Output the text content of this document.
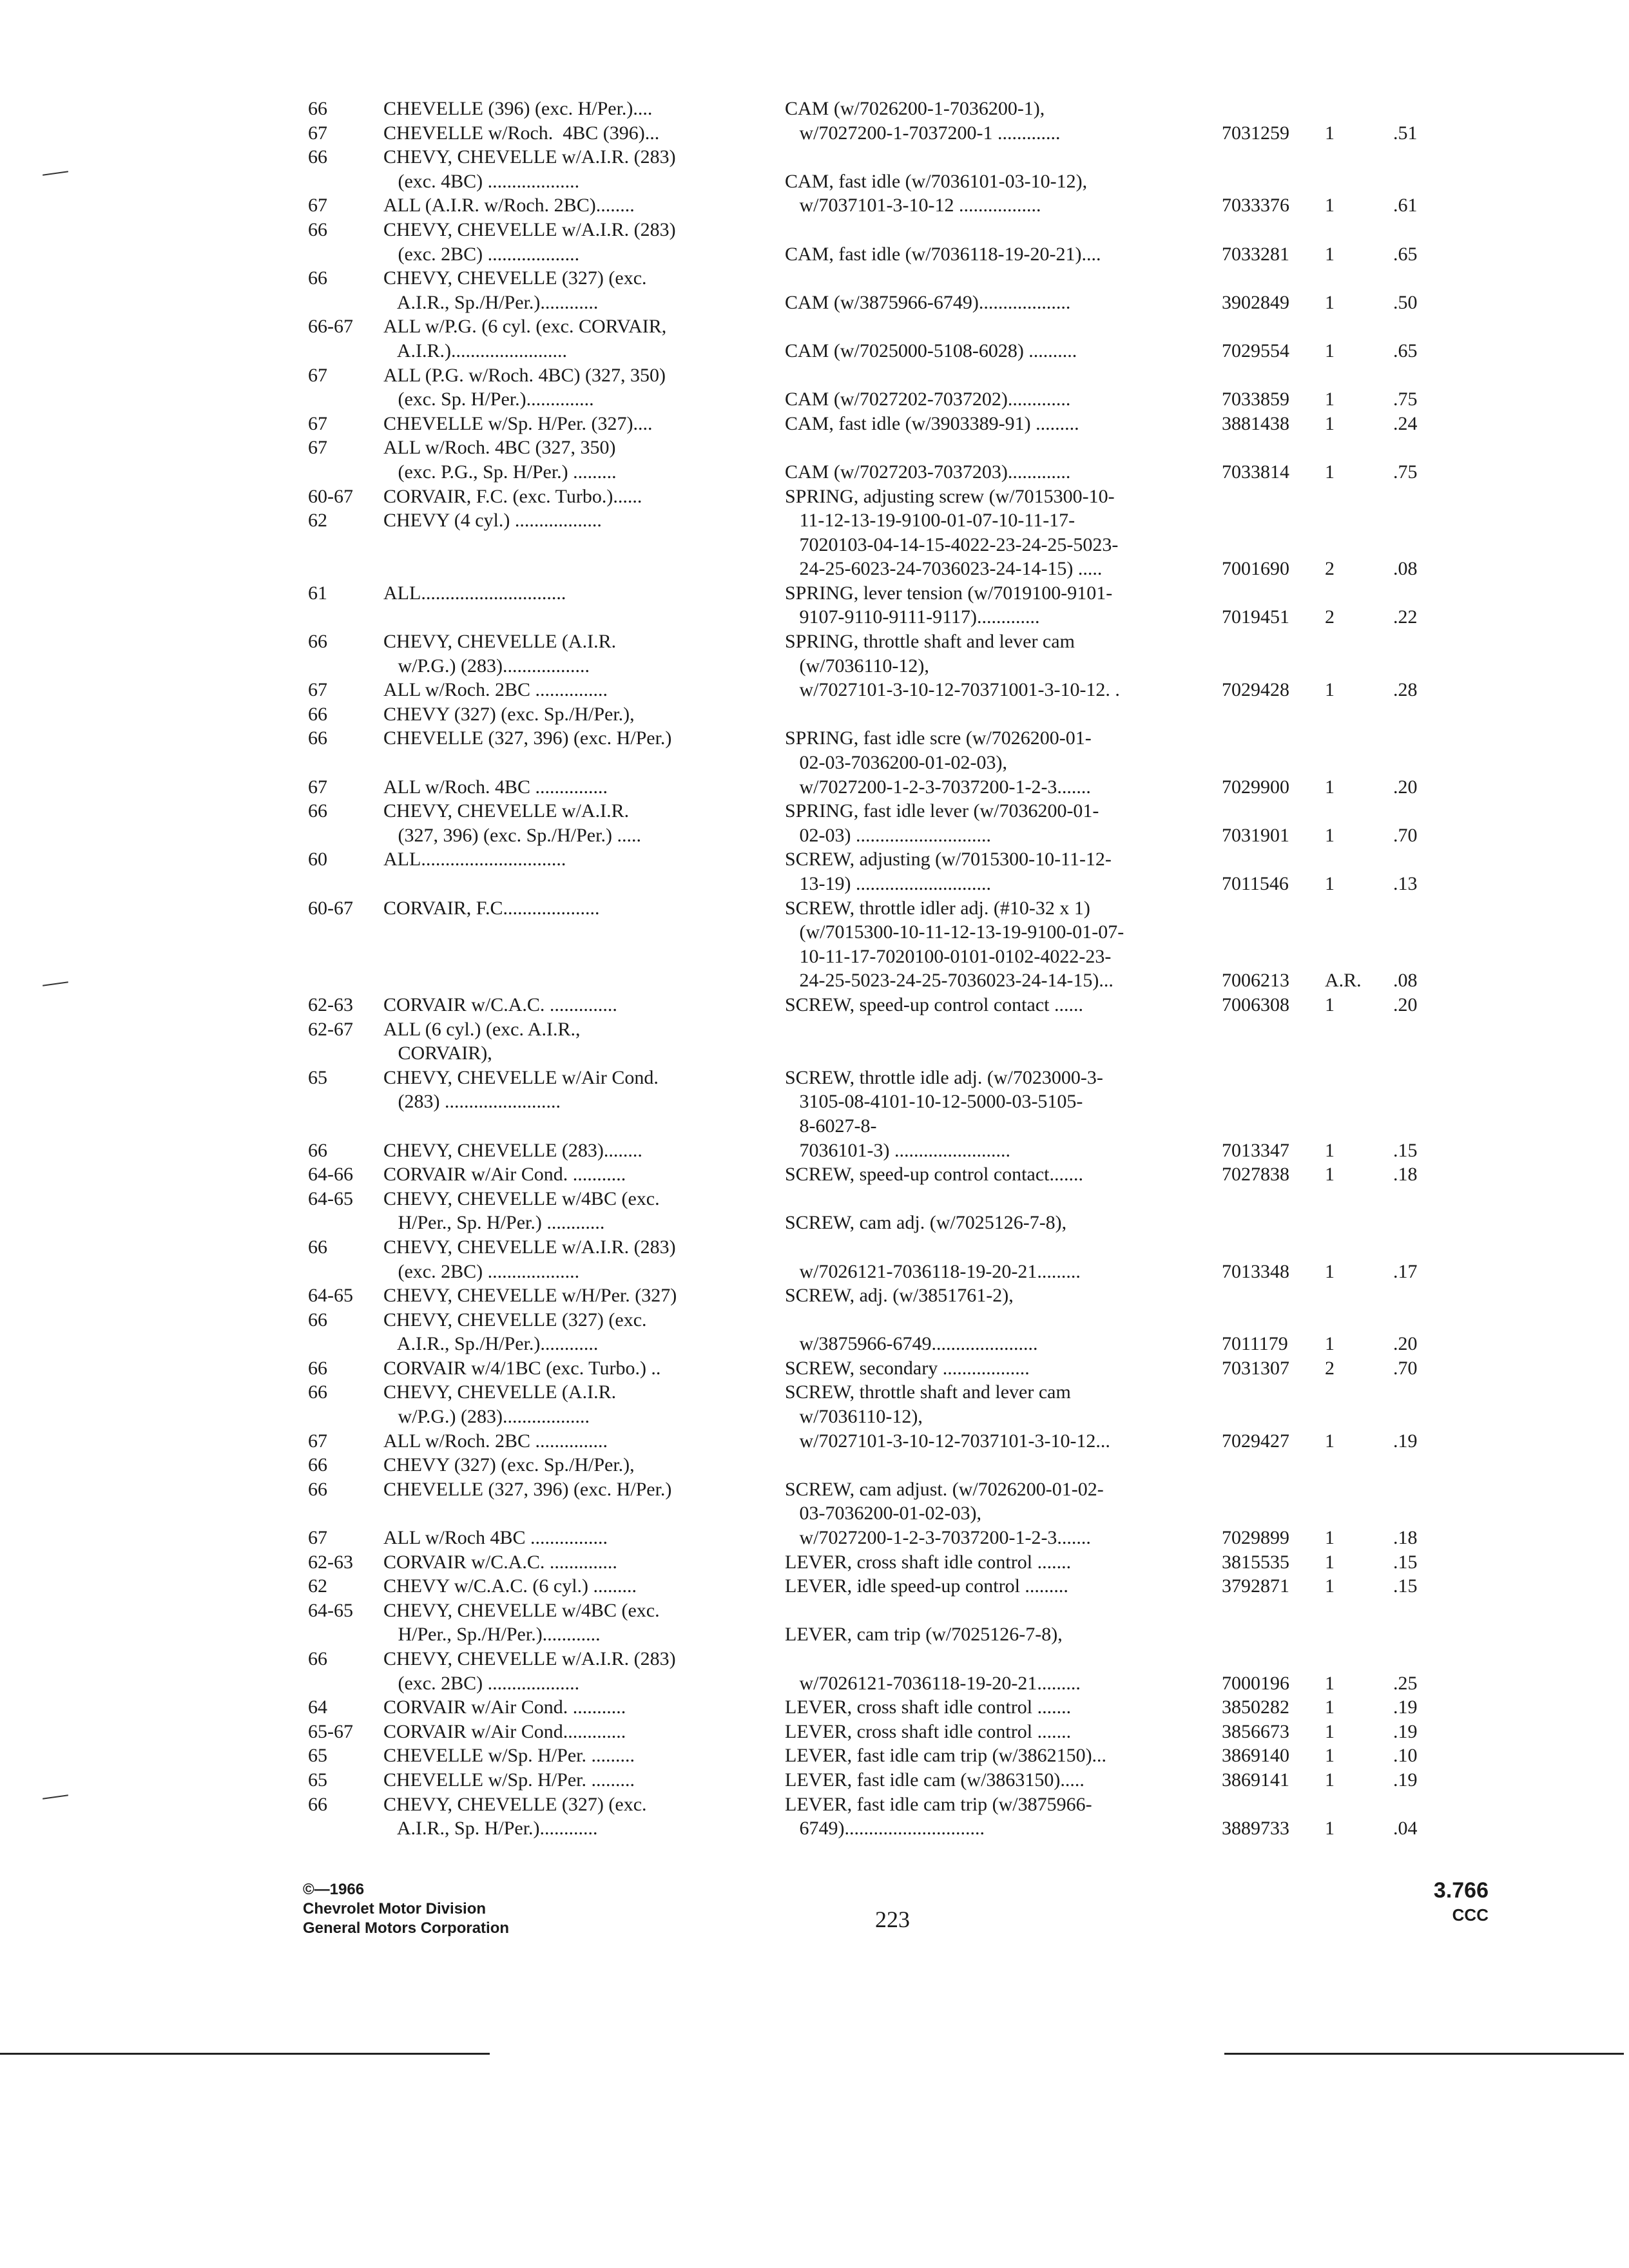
66	CHEVELLE (396) (exc. H/Per.)....	CAM (w/7026200-1-7036200-1),
67	CHEVELLE w/Roch.  4BC (396)...	w/7027200-1-7037200-1 .............	7031259 1	.51
66	CHEVY, CHEVELLE w/A.I.R. (283)
(exc. 4BC) ...................	CAM, fast idle (w/7036101-03-10-12),
67	ALL (A.I.R. w/Roch. 2BC)........	w/7037101-3-10-12 .................	7033376 1	.61
66	CHEVY, CHEVELLE w/A.I.R. (283)
(exc. 2BC) ...................	CAM, fast idle (w/7036118-19-20-21)....	7033281 1	.65
66	CHEVY, CHEVELLE (327) (exc.
A.I.R., Sp./H/Per.)............	CAM (w/3875966-6749)...................	3902849 1	.50
66-67 ALL w/P.G. (6 cyl. (exc. CORVAIR,
A.I.R.)........................	CAM (w/7025000-5108-6028) ..........	7029554 1	.65
67	ALL (P.G. w/Roch. 4BC) (327, 350)
(exc. Sp. H/Per.)..............	CAM (w/7027202-7037202).............	7033859 1	.75
67	CHEVELLE w/Sp. H/Per. (327)....	CAM, fast idle (w/3903389-91) .........	3881438 1	.24
67	ALL w/Roch. 4BC (327, 350)
(exc. P.G., Sp. H/Per.) .........	CAM (w/7027203-7037203).............	7033814 1	.75
60-67 CORVAIR, F.C. (exc. Turbo.)......	SPRING, adjusting screw (w/7015300-10-
62	CHEVY (4 cyl.) ..................	11-12-13-19-9100-01-07-10-11-17-
7020103-04-14-15-4022-23-24-25-5023-
24-25-6023-24-7036023-24-14-15) .....	7001690 2	.08
61	ALL..............................	SPRING, lever tension (w/7019100-9101-
9107-9110-9111-9117).............	7019451 2	.22
66	CHEVY, CHEVELLE (A.I.R.	SPRING, throttle shaft and lever cam
w/P.G.) (283)..................	(w/7036110-12),
67	ALL w/Roch. 2BC ...............	w/7027101-3-10-12-70371001-3-10-12. .	7029428 1	.28
66	CHEVY (327) (exc. Sp./H/Per.),
66	CHEVELLE (327, 396) (exc. H/Per.)	SPRING, fast idle scre (w/7026200-01-
02-03-7036200-01-02-03),
67	ALL w/Roch. 4BC ...............	w/7027200-1-2-3-7037200-1-2-3.......	7029900 1	.20
66	CHEVY, CHEVELLE w/A.I.R.	SPRING, fast idle lever (w/7036200-01-
(327, 396) (exc. Sp./H/Per.) .....	02-03) ............................	7031901 1	.70
60	ALL..............................	SCREW, adjusting (w/7015300-10-11-12-
13-19) ............................	7011546 1	.13
60-67 CORVAIR, F.C....................	SCREW, throttle idler adj. (#10-32 x 1)
(w/7015300-10-11-12-13-19-9100-01-07-
10-11-17-7020100-0101-0102-4022-23-
24-25-5023-24-25-7036023-24-14-15)...	7006213 A.R. .08
62-63 CORVAIR w/C.A.C. ..............	SCREW, speed-up control contact ......	7006308 1	.20
62-67 ALL (6 cyl.) (exc. A.I.R.,
CORVAIR),
65	CHEVY, CHEVELLE w/Air Cond.	SCREW, throttle idle adj. (w/7023000-3-
(283) ........................	3105-08-4101-10-12-5000-03-5105-
8-6027-8-
66	CHEVY, CHEVELLE (283)........	7036101-3) ........................	7013347 1	.15
64-66 CORVAIR w/Air Cond. ...........	SCREW, speed-up control contact.......	7027838 1	.18
64-65 CHEVY, CHEVELLE w/4BC (exc.
H/Per., Sp. H/Per.) ............	SCREW, cam adj. (w/7025126-7-8),
66	CHEVY, CHEVELLE w/A.I.R. (283)
(exc. 2BC) ...................	w/7026121-7036118-19-20-21.........	7013348 1	.17
64-65 CHEVY, CHEVELLE w/H/Per. (327)	SCREW, adj. (w/3851761-2),
66	CHEVY, CHEVELLE (327) (exc.
A.I.R., Sp./H/Per.)............	w/3875966-6749......................	7011179 1	.20
66	CORVAIR w/4/1BC (exc. Turbo.) ..	SCREW, secondary ..................	7031307 2	.70
66	CHEVY, CHEVELLE (A.I.R.	SCREW, throttle shaft and lever cam
w/P.G.) (283)..................	w/7036110-12),
67	ALL w/Roch. 2BC ...............	w/7027101-3-10-12-7037101-3-10-12...	7029427 1	.19
66	CHEVY (327) (exc. Sp./H/Per.),
66	CHEVELLE (327, 396) (exc. H/Per.)	SCREW, cam adjust. (w/7026200-01-02-
03-7036200-01-02-03),
67	ALL w/Roch 4BC ................	w/7027200-1-2-3-7037200-1-2-3.......	7029899 1	.18
62-63 CORVAIR w/C.A.C. ..............	LEVER, cross shaft idle control .......	3815535 1	.15
62	CHEVY w/C.A.C. (6 cyl.) .........	LEVER, idle speed-up control .........	3792871 1	.15
64-65 CHEVY, CHEVELLE w/4BC (exc.
H/Per., Sp./H/Per.)............	LEVER, cam trip (w/7025126-7-8),
66	CHEVY, CHEVELLE w/A.I.R. (283)
(exc. 2BC) ...................	w/7026121-7036118-19-20-21.........	7000196 1	.25
64	CORVAIR w/Air Cond. ...........	LEVER, cross shaft idle control .......	3850282 1	.19
65-67 CORVAIR w/Air Cond.............	LEVER, cross shaft idle control .......	3856673 1	.19
65	CHEVELLE w/Sp. H/Per. .........	LEVER, fast idle cam trip (w/3862150)...	3869140 1	.10
65	CHEVELLE w/Sp. H/Per. .........	LEVER, fast idle cam (w/3863150).....	3869141 1	.19
66	CHEVY, CHEVELLE (327) (exc.	LEVER, fast idle cam trip (w/3875966-
A.I.R., Sp. H/Per.)............	6749).............................	3889733 1	.04
©—1966
Chevrolet Motor Division
General Motors Corporation	223
3.766
CCC
